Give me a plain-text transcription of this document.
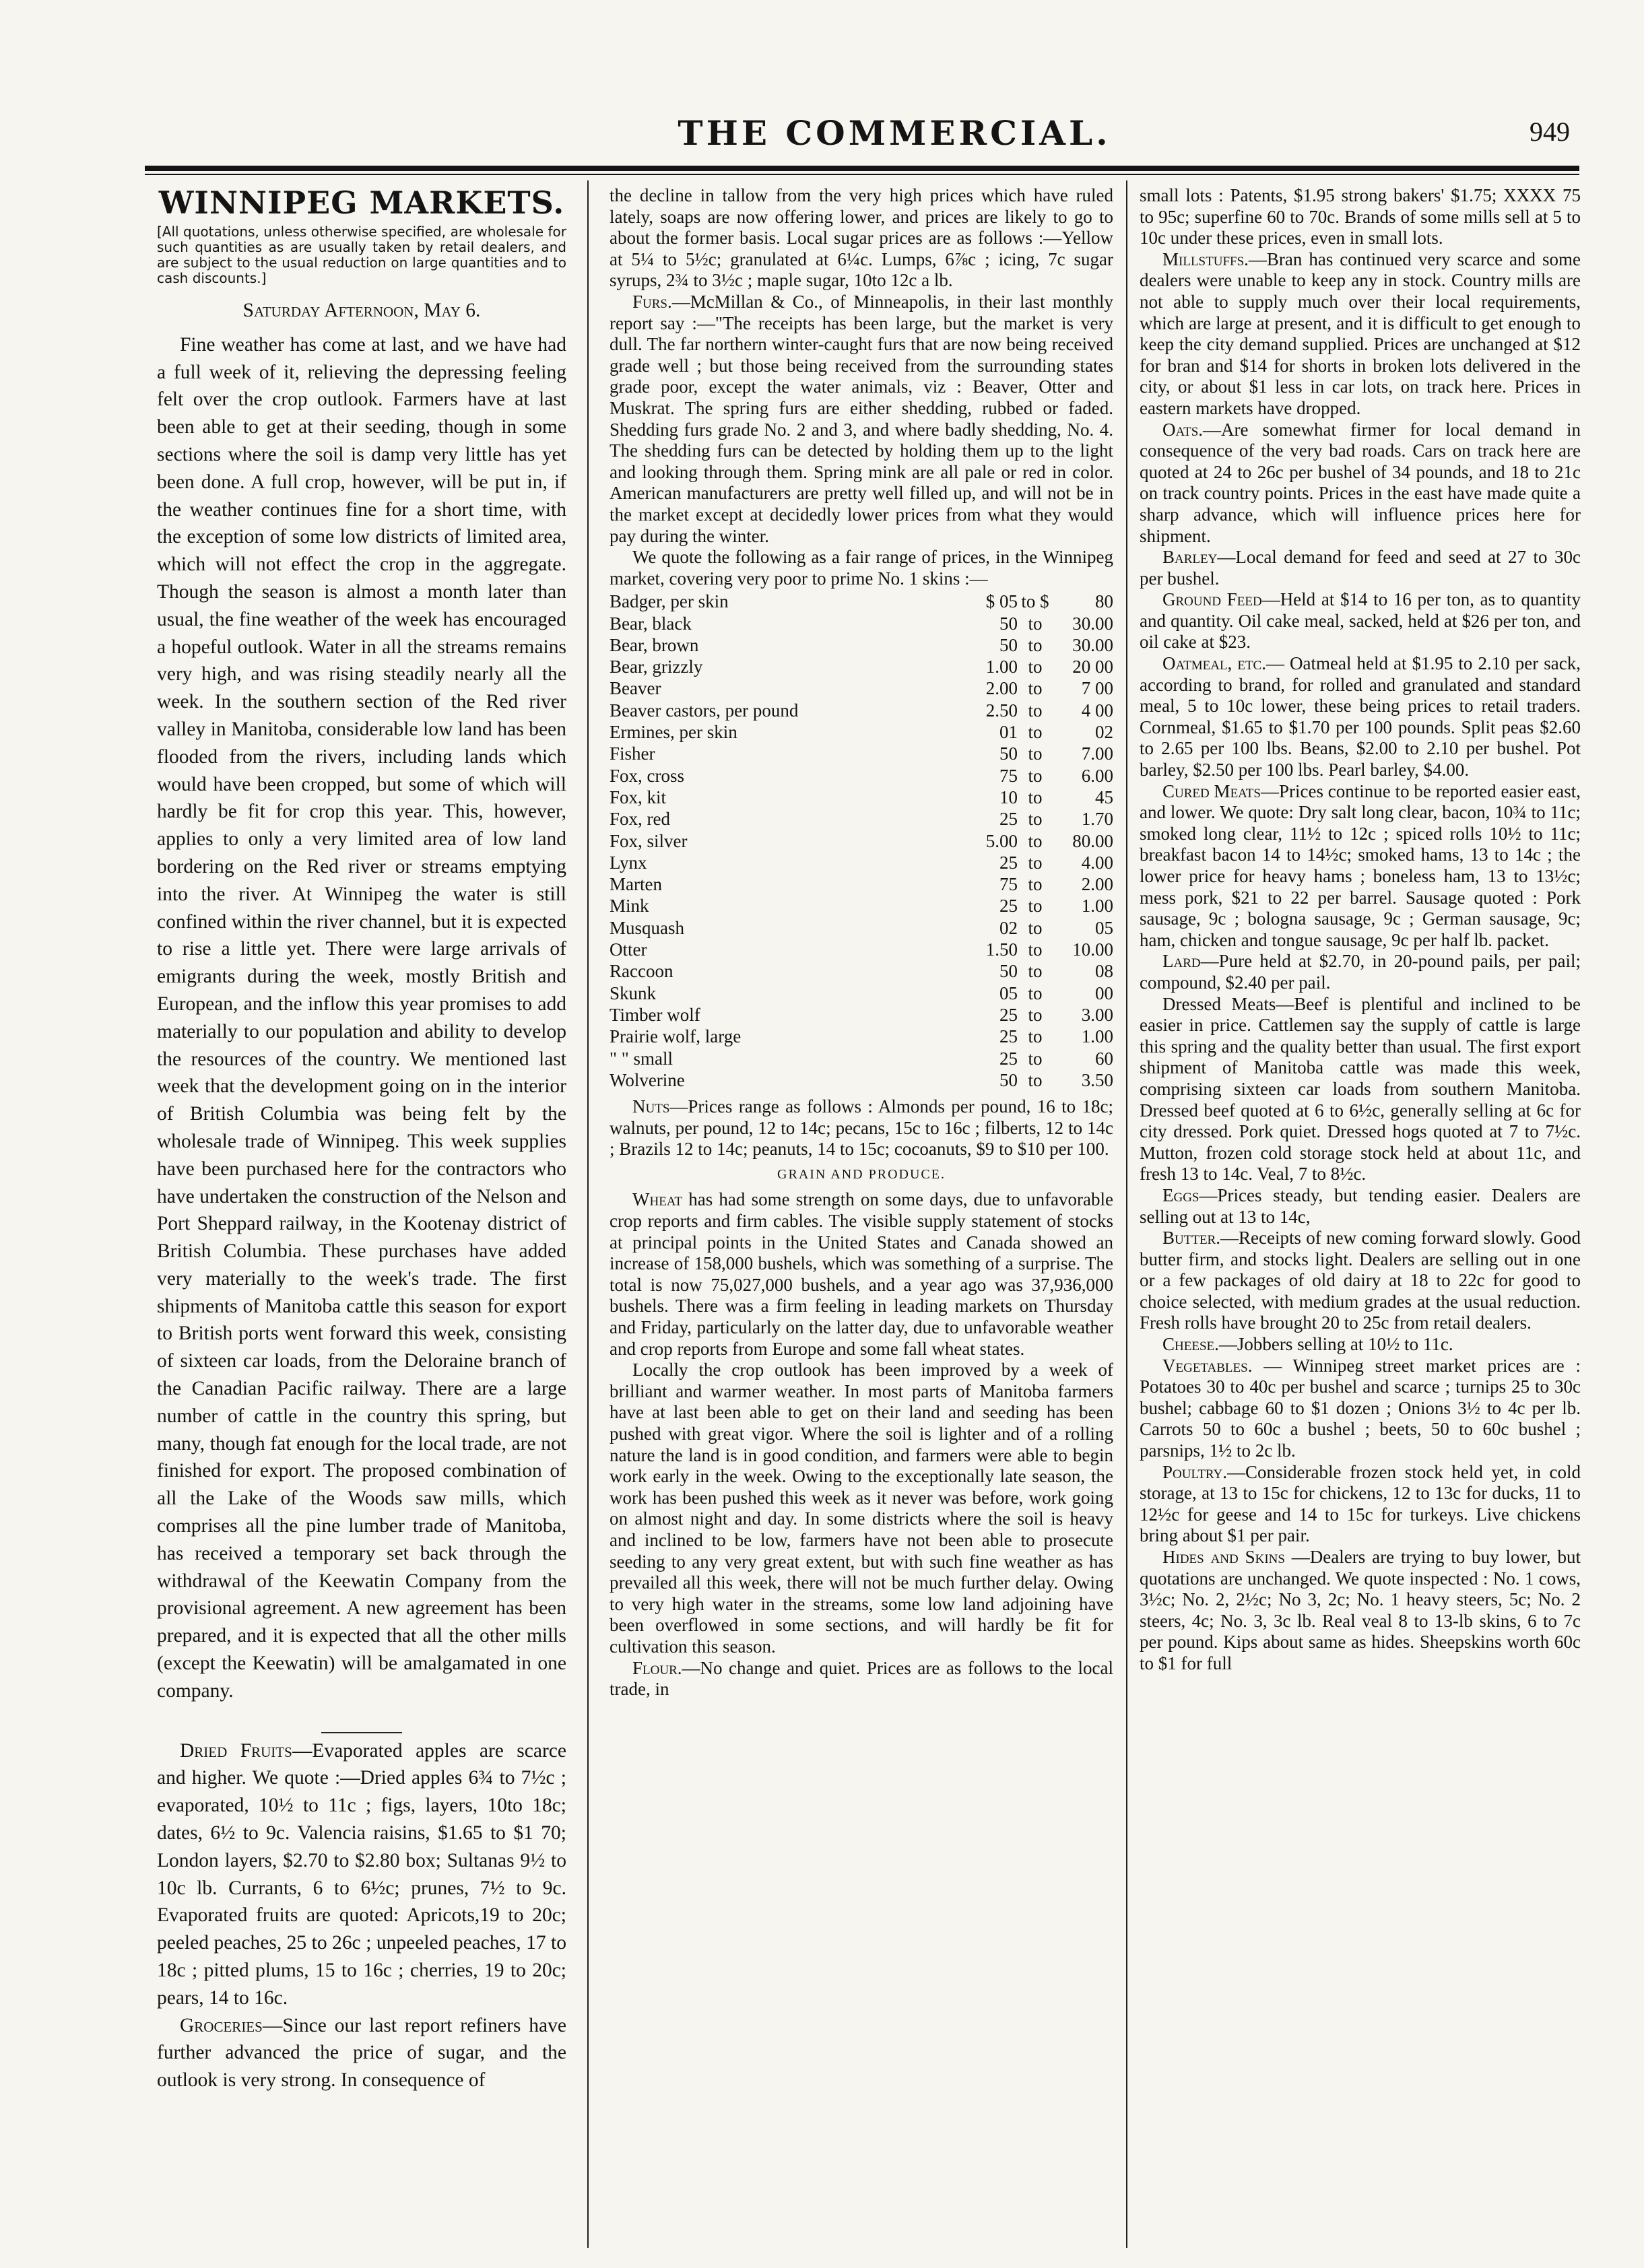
THE COMMERCIAL.	949
WINNIPEG MARKETS.
[All quotations, unless otherwise specified, are wholesale for such quantities as are usually taken by retail dealers, and are subject to the usual reduction on large quantities and to cash discounts.]
Saturday Afternoon, May 6.

Fine weather has come at last, and we have had a full week of it, relieving the depressing feeling felt over the crop outlook. Farmers have at last been able to get at their seeding, though in some sections where the soil is damp very little has yet been done. A full crop, however, will be put in, if the weather continues fine for a short time, with the exception of some low districts of limited area, which will not effect the crop in the aggregate. Though the season is almost a month later than usual, the fine weather of the week has encouraged a hopeful outlook. Water in all the streams remains very high, and was rising steadily nearly all the week. In the southern section of the Red river valley in Manitoba, considerable low land has been flooded from the rivers, including lands which would have been cropped, but some of which will hardly be fit for crop this year. This, however, applies to only a very limited area of low land bordering on the Red river or streams emptying into the river. At Winnipeg the water is still confined within the river channel, but it is expected to rise a little yet. There were large arrivals of emigrants during the week, mostly British and European, and the inflow this year promises to add materially to our population and ability to develop the resources of the country. We mentioned last week that the development going on in the interior of British Columbia was being felt by the wholesale trade of Winnipeg. This week supplies have been purchased here for the contractors who have undertaken the construction of the Nelson and Port Sheppard railway, in the Kootenay district of British Columbia. These purchases have added very materially to the week's trade. The first shipments of Manitoba cattle this season for export to British ports went forward this week, consisting of sixteen car loads, from the Deloraine branch of the Canadian Pacific railway. There are a large number of cattle in the country this spring, but many, though fat enough for the local trade, are not finished for export. The proposed combination of all the Lake of the Woods saw mills, which comprises all the pine lumber trade of Manitoba, has received a temporary set back through the withdrawal of the Keewatin Company from the provisional agreement. A new agreement has been prepared, and it is expected that all the other mills (except the Keewatin) will be amalgamated in one company.

Dried Fruits—Evaporated apples are scarce and higher. We quote :—Dried apples 6¾ to 7½c ; evaporated, 10½ to 11c ; figs, layers, 10to 18c; dates, 6½ to 9c. Valencia raisins, $1.65 to $1 70; London layers, $2.70 to $2.80 box; Sultanas 9½ to 10c lb. Currants, 6 to 6½c; prunes, 7½ to 9c. Evaporated fruits are quoted: Apricots,19 to 20c; peeled peaches, 25 to 26c ; unpeeled peaches, 17 to 18c ; pitted plums, 15 to 16c ; cherries, 19 to 20c; pears, 14 to 16c.

Groceries—Since our last report refiners have further advanced the price of sugar, and the outlook is very strong. In consequence of

the decline in tallow from the very high prices which have ruled lately, soaps are now offering lower, and prices are likely to go to about the former basis. Local sugar prices are as follows :—Yellow at 5¼ to 5½c; granulated at 6¼c. Lumps, 6⅞c ; icing, 7c sugar syrups, 2¾ to 3½c ; maple sugar, 10to 12c a lb.

Furs.—McMillan & Co., of Minneapolis, in their last monthly report say :—"The receipts has been large, but the market is very dull. The far northern winter-caught furs that are now being received grade well ; but those being received from the surrounding states grade poor, except the water animals, viz : Beaver, Otter and Muskrat. The spring furs are either shedding, rubbed or faded. Shedding furs grade No. 2 and 3, and where badly shedding, No. 4. The shedding furs can be detected by holding them up to the light and looking through them. Spring mink are all pale or red in color. American manufacturers are pretty well filled up, and will not be in the market except at decidedly lower prices from what they would pay during the winter.

We quote the following as a fair range of prices, in the Winnipeg market, covering very poor to prime No. 1 skins :—

Badger, per skin	$ 05	to $	80
Bear, black	50	to	30.00
Bear, brown	50	to	30.00
Bear, grizzly	1.00	to	20 00
Beaver	2.00	to	7 00
Beaver castors, per pound	2.50	to	4 00
Ermines, per skin	01	to	02
Fisher	50	to	7.00
Fox, cross	75	to	6.00
Fox, kit	10	to	45
Fox, red	25	to	1.70
Fox, silver	5.00	to	80.00
Lynx	25	to	4.00
Marten	75	to	2.00
Mink	25	to	1.00
Musquash	02	to	05
Otter	1.50	to	10.00
Raccoon	50	to	08
Skunk	05	to	00
Timber wolf	25	to	3.00
Prairie wolf, large	25	to	1.00
" " small	25	to	60
Wolverine	50	to	3.50

Nuts—Prices range as follows : Almonds per pound, 16 to 18c; walnuts, per pound, 12 to 14c; pecans, 15c to 16c ; filberts, 12 to 14c ; Brazils 12 to 14c; peanuts, 14 to 15c; cocoanuts, $9 to $10 per 100.

GRAIN AND PRODUCE.

Wheat has had some strength on some days, due to unfavorable crop reports and firm cables. The visible supply statement of stocks at principal points in the United States and Canada showed an increase of 158,000 bushels, which was something of a surprise. The total is now 75,027,000 bushels, and a year ago was 37,936,000 bushels. There was a firm feeling in leading markets on Thursday and Friday, particularly on the latter day, due to unfavorable weather and crop reports from Europe and some fall wheat states.

Locally the crop outlook has been improved by a week of brilliant and warmer weather. In most parts of Manitoba farmers have at last been able to get on their land and seeding has been pushed with great vigor. Where the soil is lighter and of a rolling nature the land is in good condition, and farmers were able to begin work early in the week. Owing to the exceptionally late season, the work has been pushed this week as it never was before, work going on almost night and day. In some districts where the soil is heavy and inclined to be low, farmers have not been able to prosecute seeding to any very great extent, but with such fine weather as has prevailed all this week, there will not be much further delay. Owing to very high water in the streams, some low land adjoining have been overflowed in some sections, and will hardly be fit for cultivation this season.

Flour.—No change and quiet. Prices are as follows to the local trade, in

small lots : Patents, $1.95 strong bakers' $1.75; XXXX 75 to 95c; superfine 60 to 70c. Brands of some mills sell at 5 to 10c under these prices, even in small lots.

Millstuffs.—Bran has continued very scarce and some dealers were unable to keep any in stock. Country mills are not able to supply much over their local requirements, which are large at present, and it is difficult to get enough to keep the city demand supplied. Prices are unchanged at $12 for bran and $14 for shorts in broken lots delivered in the city, or about $1 less in car lots, on track here. Prices in eastern markets have dropped.

Oats.—Are somewhat firmer for local demand in consequence of the very bad roads. Cars on track here are quoted at 24 to 26c per bushel of 34 pounds, and 18 to 21c on track country points. Prices in the east have made quite a sharp advance, which will influence prices here for shipment.

Barley—Local demand for feed and seed at 27 to 30c per bushel.

Ground Feed—Held at $14 to 16 per ton, as to quantity and quantity. Oil cake meal, sacked, held at $26 per ton, and oil cake at $23.

Oatmeal, etc.— Oatmeal held at $1.95 to 2.10 per sack, according to brand, for rolled and granulated and standard meal, 5 to 10c lower, these being prices to retail traders. Cornmeal, $1.65 to $1.70 per 100 pounds. Split peas $2.60 to 2.65 per 100 lbs. Beans, $2.00 to 2.10 per bushel. Pot barley, $2.50 per 100 lbs. Pearl barley, $4.00.

Cured Meats—Prices continue to be reported easier east, and lower. We quote: Dry salt long clear, bacon, 10¾ to 11c; smoked long clear, 11½ to 12c ; spiced rolls 10½ to 11c; breakfast bacon 14 to 14½c; smoked hams, 13 to 14c ; the lower price for heavy hams ; boneless ham, 13 to 13½c; mess pork, $21 to 22 per barrel. Sausage quoted : Pork sausage, 9c ; bologna sausage, 9c ; German sausage, 9c; ham, chicken and tongue sausage, 9c per half lb. packet.

Lard—Pure held at $2.70, in 20-pound pails, per pail; compound, $2.40 per pail.

Dressed Meats—Beef is plentiful and inclined to be easier in price. Cattlemen say the supply of cattle is large this spring and the quality better than usual. The first export shipment of Manitoba cattle was made this week, comprising sixteen car loads from southern Manitoba. Dressed beef quoted at 6 to 6½c, generally selling at 6c for city dressed. Pork quiet. Dressed hogs quoted at 7 to 7½c. Mutton, frozen cold storage stock held at about 11c, and fresh 13 to 14c. Veal, 7 to 8½c.

Eggs—Prices steady, but tending easier. Dealers are selling out at 13 to 14c,

Butter.—Receipts of new coming forward slowly. Good butter firm, and stocks light. Dealers are selling out in one or a few packages of old dairy at 18 to 22c for good to choice selected, with medium grades at the usual reduction. Fresh rolls have brought 20 to 25c from retail dealers.

Cheese.—Jobbers selling at 10½ to 11c.

Vegetables. — Winnipeg street market prices are : Potatoes 30 to 40c per bushel and scarce ; turnips 25 to 30c bushel; cabbage 60 to $1 dozen ; Onions 3½ to 4c per lb. Carrots 50 to 60c a bushel ; beets, 50 to 60c bushel ; parsnips, 1½ to 2c lb.

Poultry.—Considerable frozen stock held yet, in cold storage, at 13 to 15c for chickens, 12 to 13c for ducks, 11 to 12½c for geese and 14 to 15c for turkeys. Live chickens bring about $1 per pair.

Hides and Skins —Dealers are trying to buy lower, but quotations are unchanged. We quote inspected : No. 1 cows, 3½c; No. 2, 2½c; No 3, 2c; No. 1 heavy steers, 5c; No. 2 steers, 4c; No. 3, 3c lb. Real veal 8 to 13-lb skins, 6 to 7c per pound. Kips about same as hides. Sheepskins worth 60c to $1 for full
